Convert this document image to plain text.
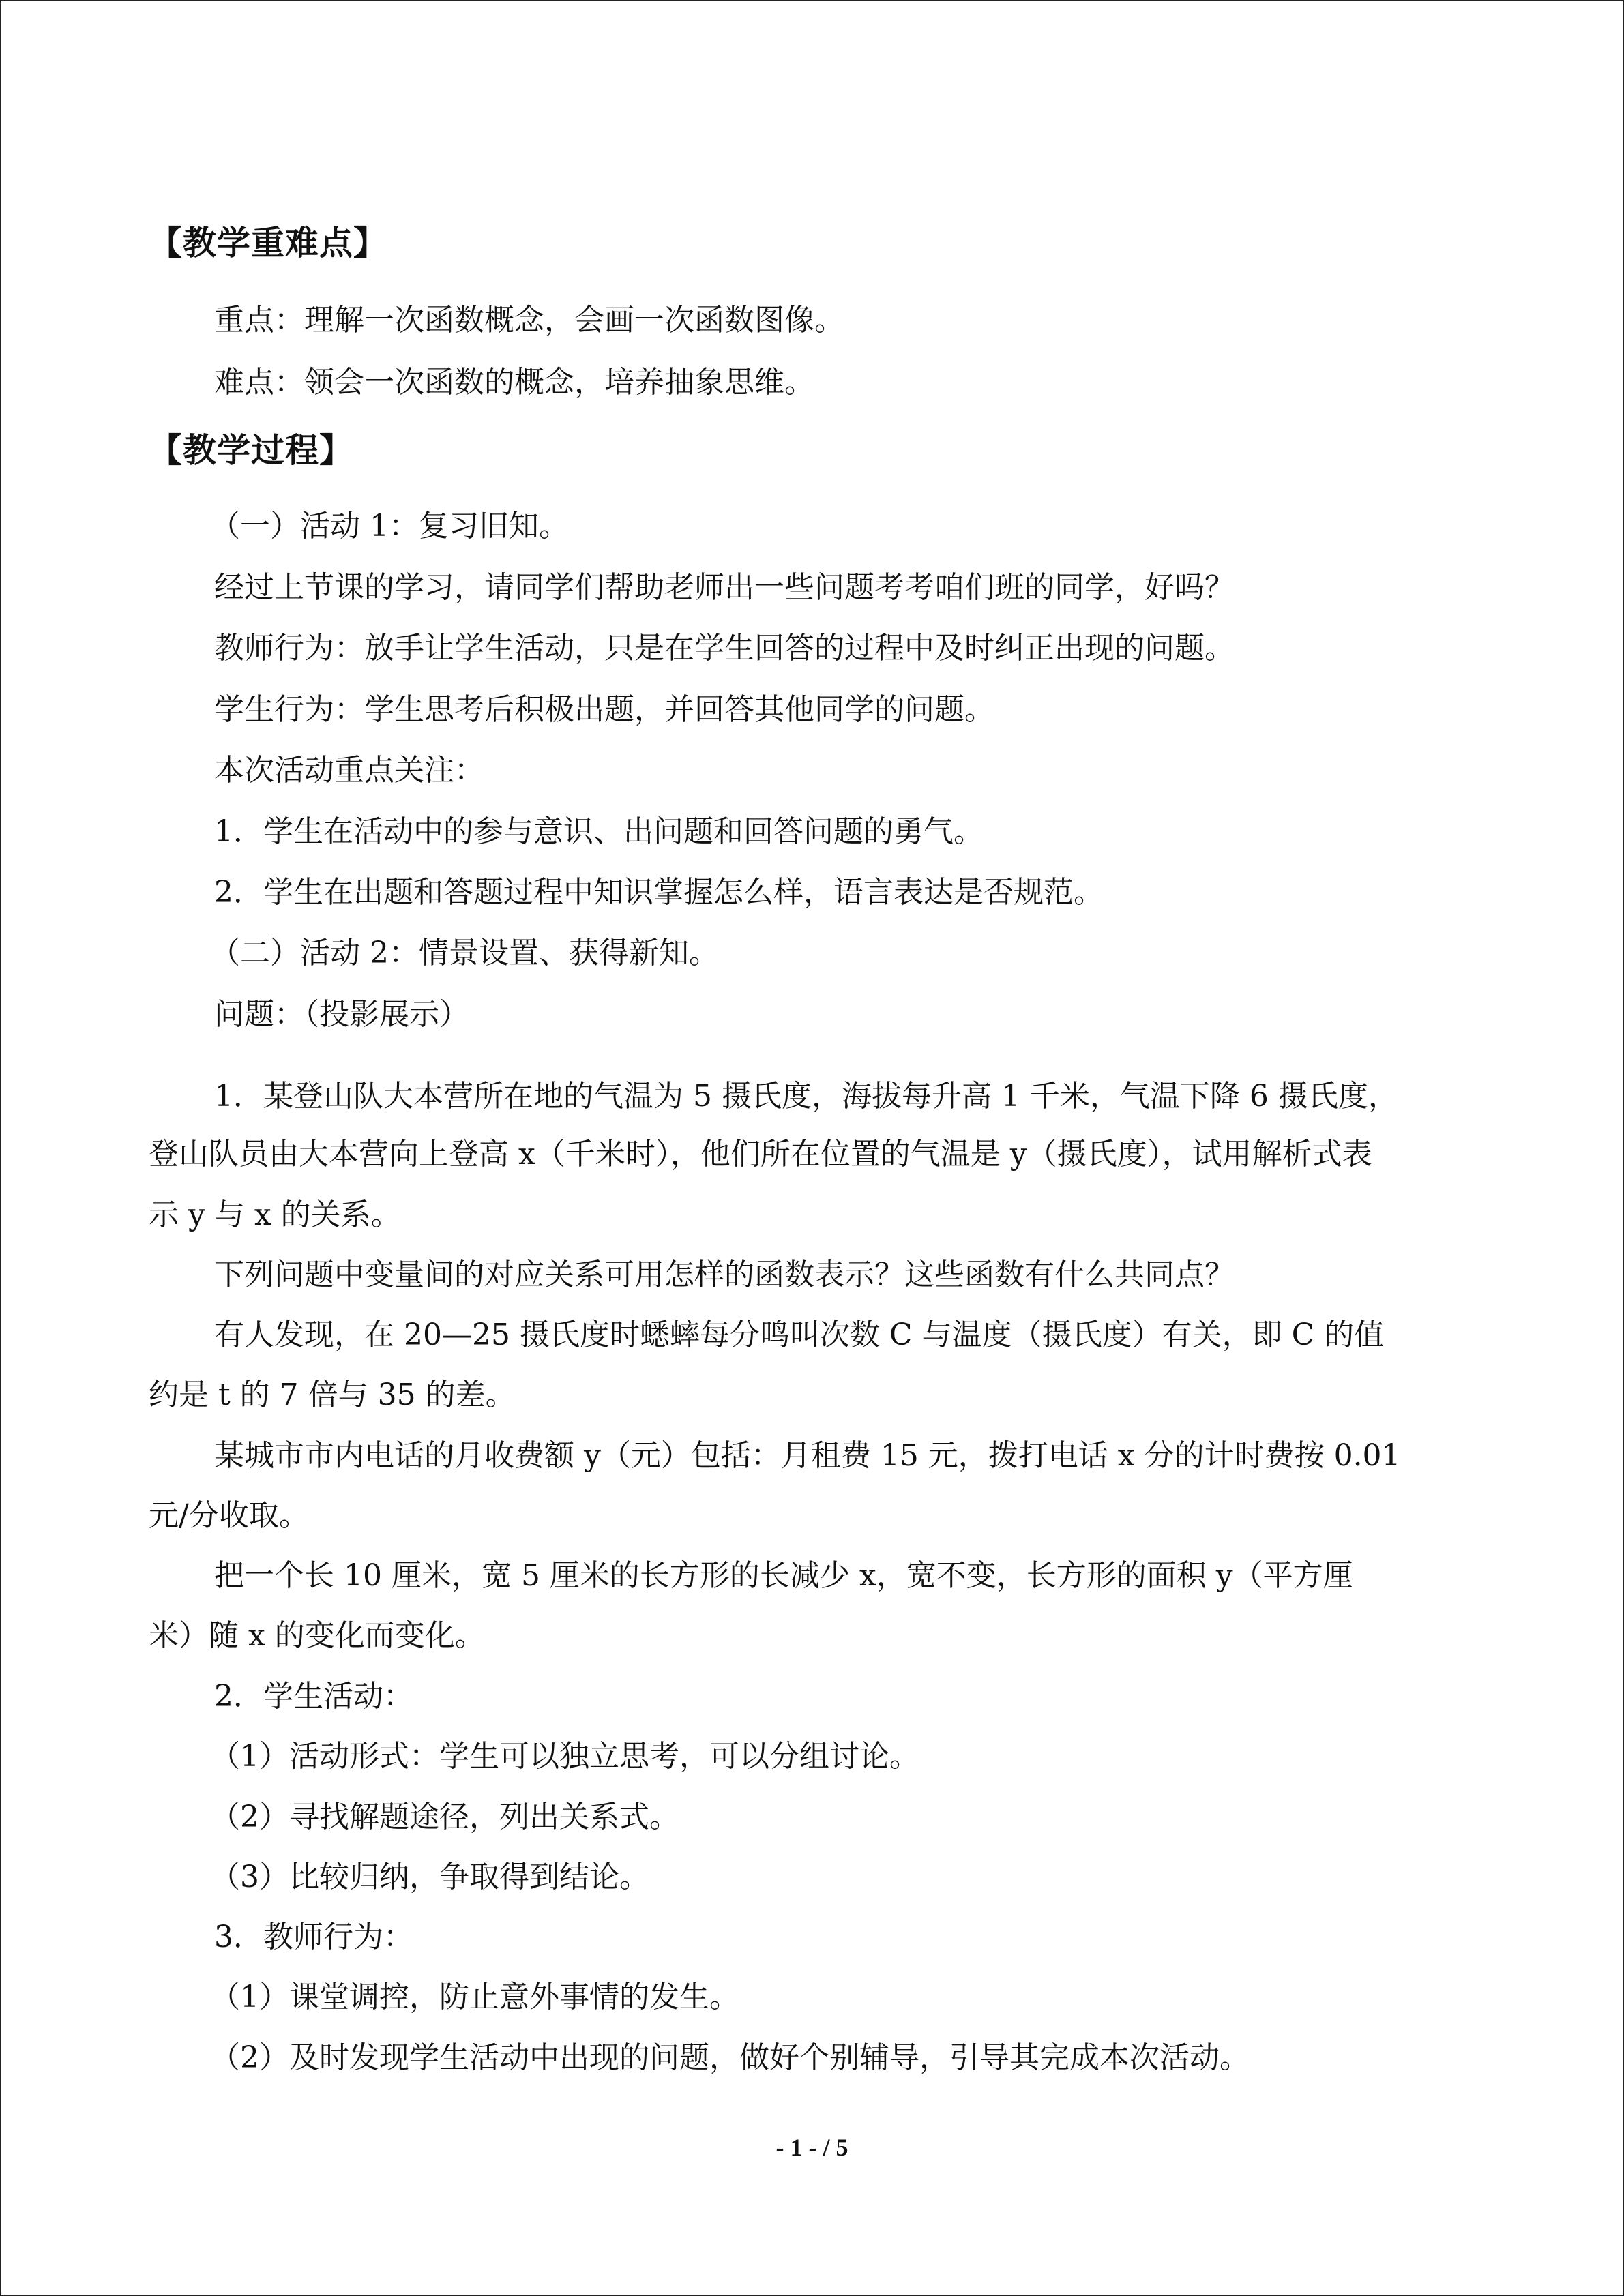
【教学重难点】
重点：理解一次函数概念，会画一次函数图像。
难点：领会一次函数的概念，培养抽象思维。
【教学过程】
（一）活动 1：复习旧知。
经过上节课的学习，请同学们帮助老师出一些问题考考咱们班的同学，好吗？
教师行为：放手让学生活动，只是在学生回答的过程中及时纠正出现的问题。
学生行为：学生思考后积极出题，并回答其他同学的问题。
本次活动重点关注：
1．学生在活动中的参与意识、出问题和回答问题的勇气。
2．学生在出题和答题过程中知识掌握怎么样，语言表达是否规范。
（二）活动 2：情景设置、获得新知。
问题：（投影展示）
1．某登山队大本营所在地的气温为 5 摄氏度，海拔每升高 1 千米，气温下降 6 摄氏度，
登山队员由大本营向上登高 x（千米时），他们所在位置的气温是 y（摄氏度），试用解析式表
示 y 与 x 的关系。
下列问题中变量间的对应关系可用怎样的函数表示？这些函数有什么共同点？
有人发现，在 20—25 摄氏度时蟋蟀每分鸣叫次数 C 与温度（摄氏度）有关，即 C 的值
约是 t 的 7 倍与 35 的差。
某城市市内电话的月收费额 y（元）包括：月租费 15 元，拨打电话 x 分的计时费按 0.01
元/分收取。
把一个长 10 厘米，宽 5 厘米的长方形的长减少 x，宽不变，长方形的面积 y（平方厘
米）随 x 的变化而变化。
2．学生活动：
（1）活动形式：学生可以独立思考，可以分组讨论。
（2）寻找解题途径，列出关系式。
（3）比较归纳，争取得到结论。
3．教师行为：
（1）课堂调控，防止意外事情的发生。
（2）及时发现学生活动中出现的问题，做好个别辅导，引导其完成本次活动。
- 1 - / 5
